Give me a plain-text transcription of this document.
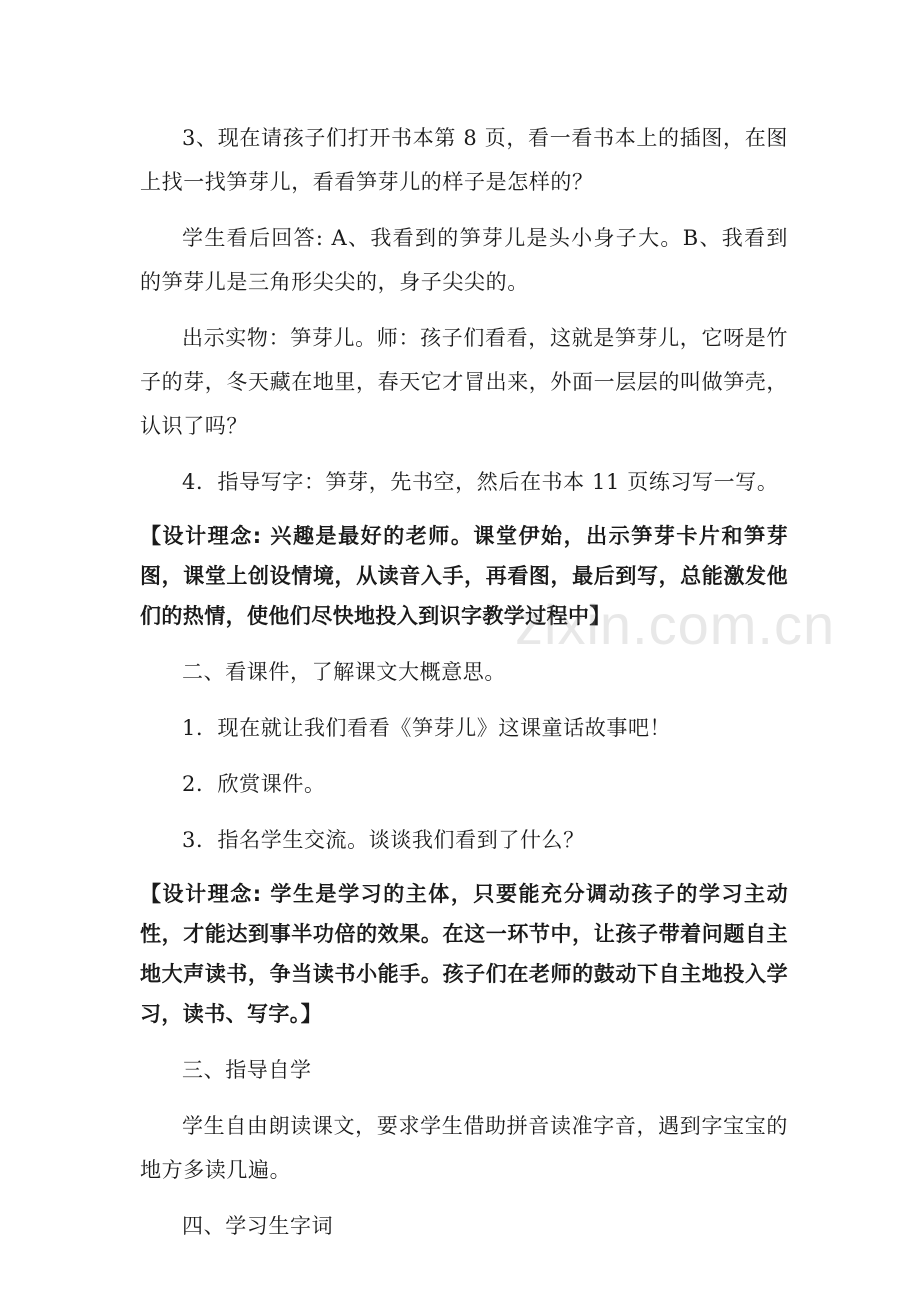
3、现在请孩子们打开书本第 8 页，看一看书本上的插图，在图上找一找笋芽儿，看看笋芽儿的样子是怎样的？

学生看后回答: A、我看到的笋芽儿是头小身子大。B、我看到的笋芽儿是三角形尖尖的，身子尖尖的。

出示实物：笋芽儿。师：孩子们看看，这就是笋芽儿，它呀是竹子的芽，冬天藏在地里，春天它才冒出来，外面一层层的叫做笋壳，认识了吗？

4．指导写字：笋芽，先书空，然后在书本 11 页练习写一写。

【设计理念: 兴趣是最好的老师。课堂伊始，出示笋芽卡片和笋芽图，课堂上创设情境，从读音入手，再看图，最后到写，总能激发他们的热情，使他们尽快地投入到识字教学过程中】

二、看课件，了解课文大概意思。

1．现在就让我们看看《笋芽儿》这课童话故事吧！

2．欣赏课件。

3．指名学生交流。谈谈我们看到了什么？

【设计理念: 学生是学习的主体，只要能充分调动孩子的学习主动性，才能达到事半功倍的效果。在这一环节中，让孩子带着问题自主地大声读书，争当读书小能手。孩子们在老师的鼓动下自主地投入学习，读书、写字。】

三、指导自学

学生自由朗读课文，要求学生借助拼音读准字音，遇到字宝宝的地方多读几遍。

四、学习生字词

zixin.com.cn
